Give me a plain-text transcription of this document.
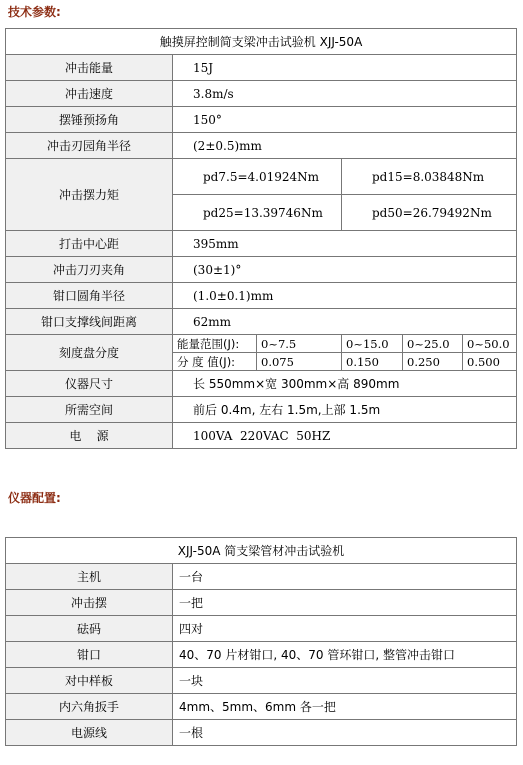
技术参数:
触摸屏控制简支梁冲击试验机 XJJ-50A					
冲击能量	15J				
冲击速度	3.8m/s				
摆锤预扬角	150°				
冲击刃园角半径	(2±0.5)mm				
冲击摆力矩	pd7.5=4.01924Nm		pd15=8.03848Nm		
	pd25=13.39746Nm		pd50=26.79492Nm		
打击中心距	395mm				
冲击刀刃夹角	(30±1)°				
钳口圆角半径	(1.0±0.1)mm				
钳口支撑线间距离	62mm				
刻度盘分度	能量范围(J):	0~7.5	0~15.0	0~25.0	0~50.0
	分 度 值(J):	0.075	0.150	0.250	0.500
仪器尺寸	长 550mm×宽 300mm×高 890mm				
所需空间	前后 0.4m, 左右 1.5m,上部 1.5m				
电    源	100VA  220VAC  50HZ				
仪器配置:
XJJ-50A 简支梁管材冲击试验机	
主机	一台
冲击摆	一把
砝码	四对
钳口	40、70 片材钳口, 40、70 管环钳口, 整管冲击钳口
对中样板	一块
内六角扳手	4mm、5mm、6mm 各一把
电源线	一根
